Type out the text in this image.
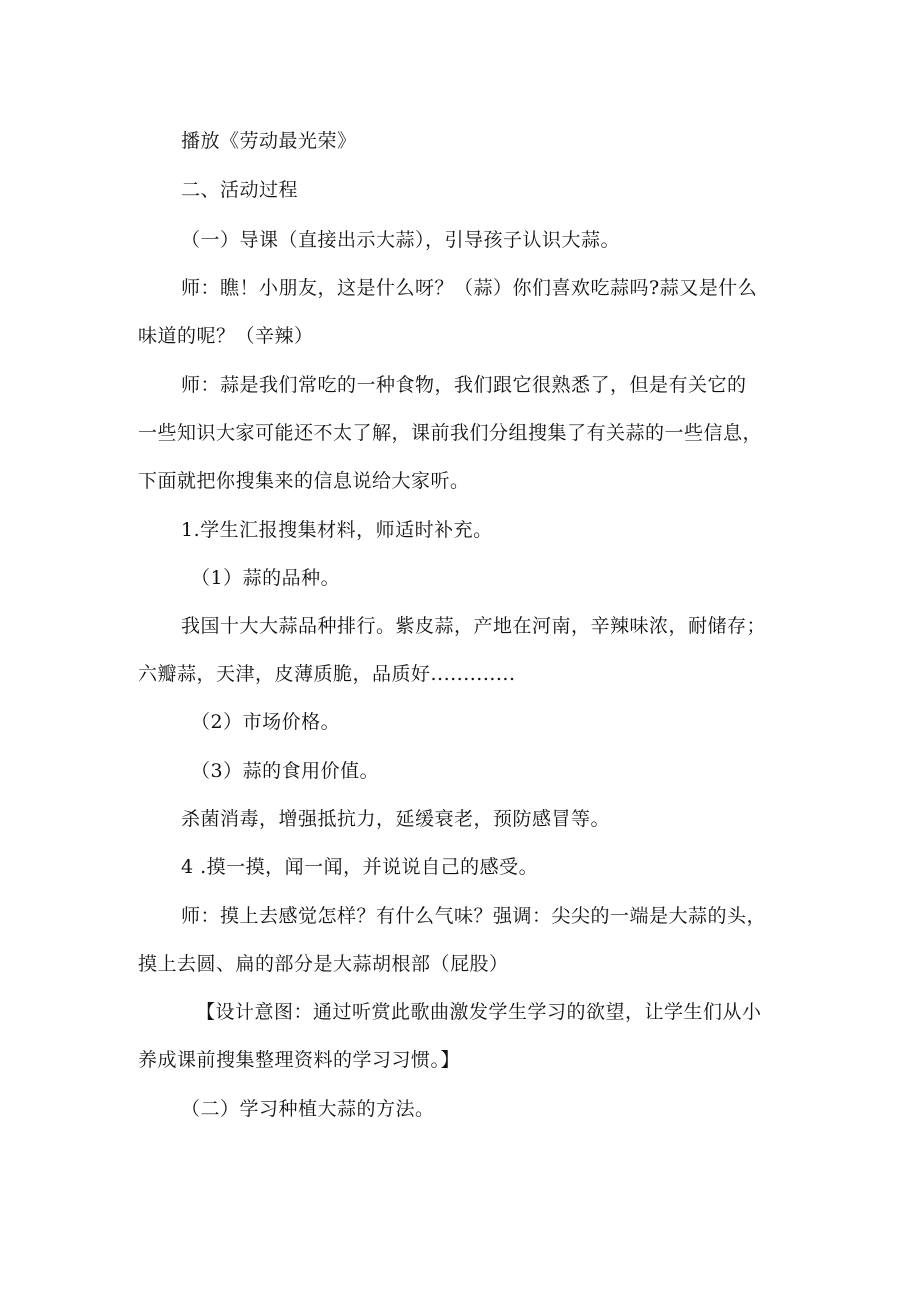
播放《劳动最光荣》
二、活动过程
（一）导课（直接出示大蒜），引导孩子认识大蒜。
师：瞧！小朋友，这是什么呀？（蒜）你们喜欢吃蒜吗?蒜又是什么
味道的呢？（辛辣）
师：蒜是我们常吃的一种食物，我们跟它很熟悉了，但是有关它的
一些知识大家可能还不太了解，课前我们分组搜集了有关蒜的一些信息，
下面就把你搜集来的信息说给大家听。
1.学生汇报搜集材料，师适时补充。
（1）蒜的品种。
我国十大大蒜品种排行。紫皮蒜，产地在河南，辛辣味浓，耐储存；
六瓣蒜，天津，皮薄质脆，品质好.............
（2）市场价格。
（3）蒜的食用价值。
杀菌消毒，增强抵抗力，延缓衰老，预防感冒等。
4 .摸一摸，闻一闻，并说说自己的感受。
师：摸上去感觉怎样？有什么气味？强调：尖尖的一端是大蒜的头，
摸上去圆、扁的部分是大蒜胡根部（屁股）
【设计意图：通过听赏此歌曲激发学生学习的欲望，让学生们从小
养成课前搜集整理资料的学习习惯。】
（二）学习种植大蒜的方法。
